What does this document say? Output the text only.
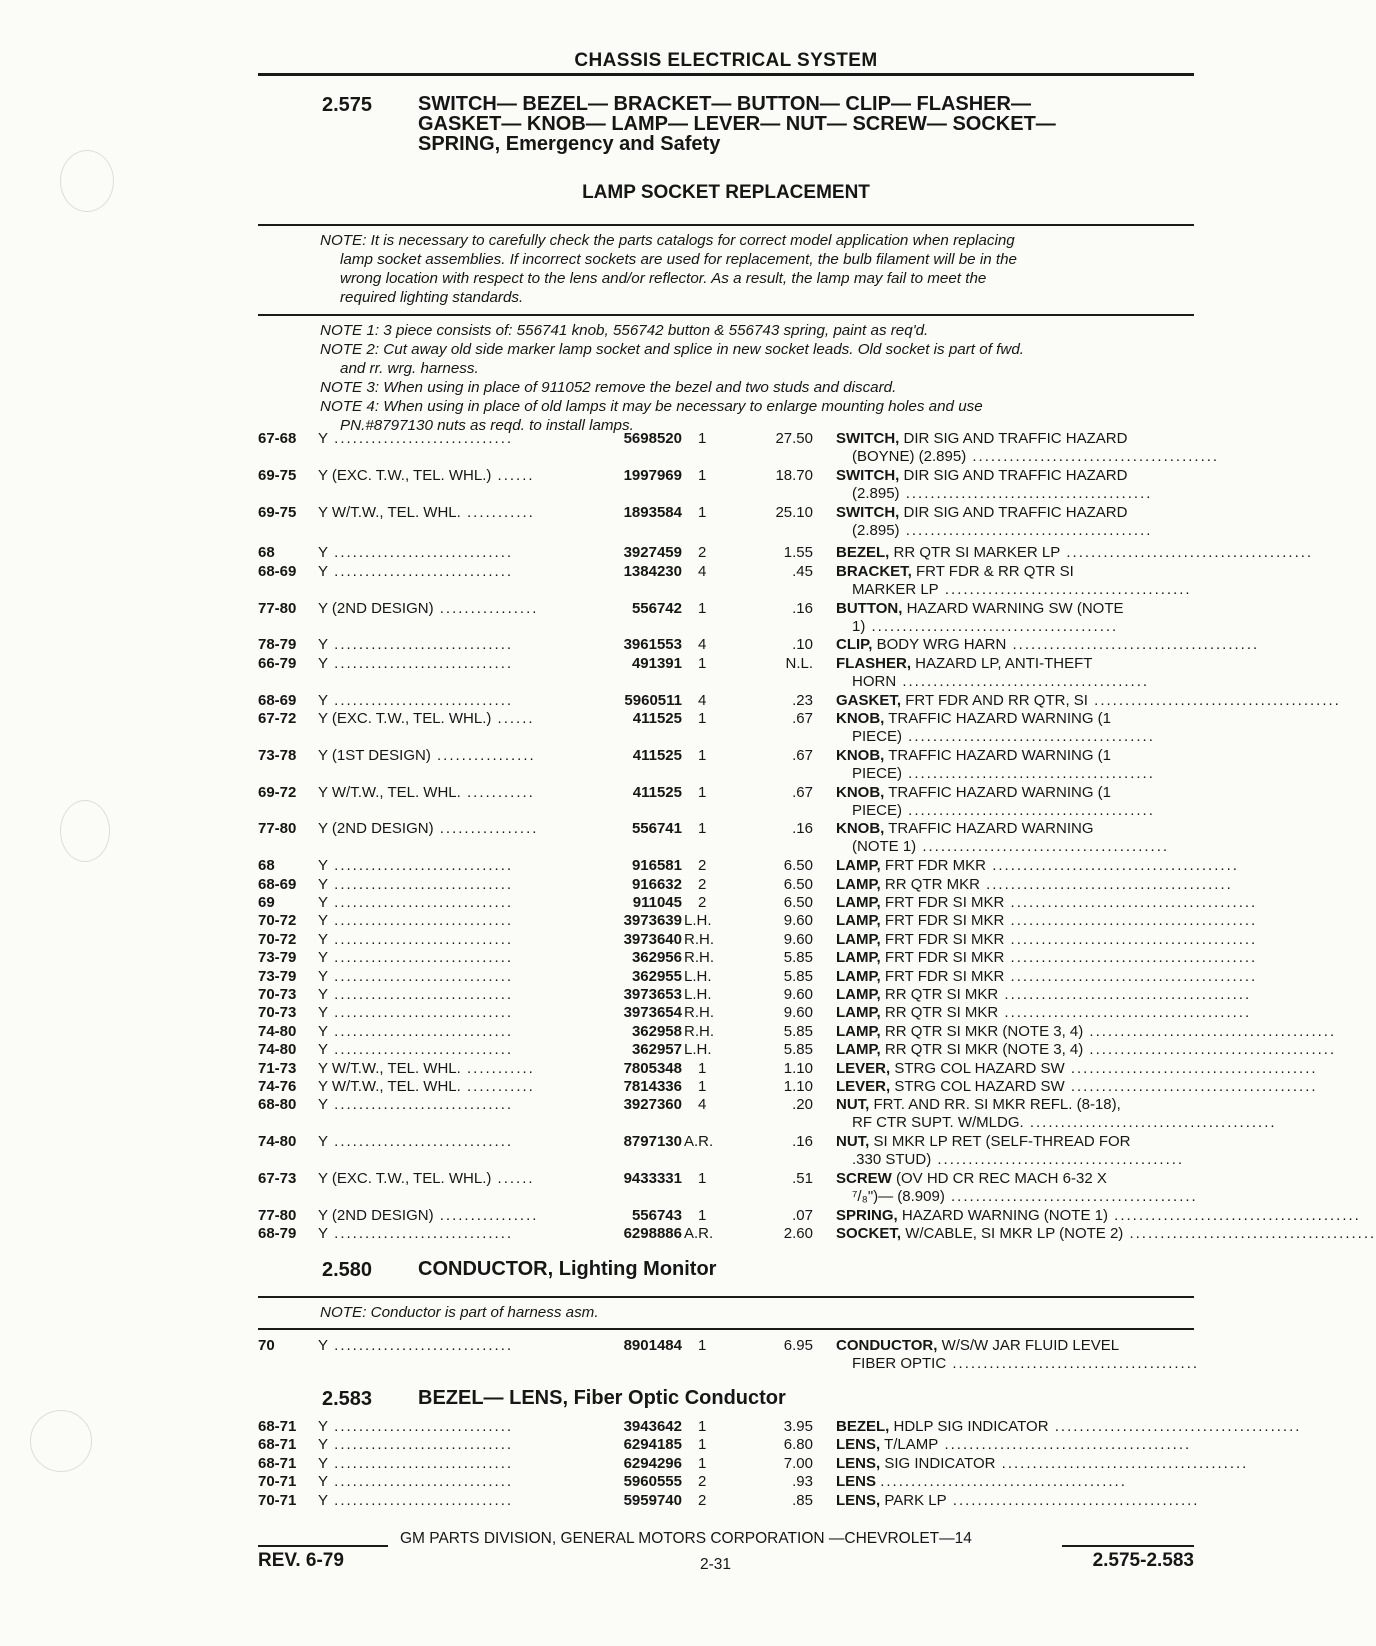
CHASSIS ELECTRICAL SYSTEM
2.575 SWITCH— BEZEL— BRACKET— BUTTON— CLIP— FLASHER—
GASKET— KNOB— LAMP— LEVER— NUT— SCREW— SOCKET—
SPRING, Emergency and Safety
LAMP SOCKET REPLACEMENT

NOTE: It is necessary to carefully check the parts catalogs for correct model application when replacing

lamp socket assemblies. If incorrect sockets are used for replacement, the bulb filament will be in the

wrong location with respect to the lens and/or reflector. As a result, the lamp may fail to meet the

required lighting standards.

NOTE 1: 3 piece consists of: 556741 knob, 556742 button & 556743 spring, paint as req'd.

NOTE 2: Cut away old side marker lamp socket and splice in new socket leads. Old socket is part of fwd.

and rr. wrg. harness.

NOTE 3: When using in place of 911052 remove the bezel and two studs and discard.

NOTE 4: When using in place of old lamps it may be necessary to enlarge mounting holes and use

PN.#8797130 nuts as reqd. to install lamps.

67-68 Y .............................	5698520	1	27.50 SWITCH, DIR SIG AND TRAFFIC HAZARD
(BOYNE) (2.895) ........................................
69-75 Y (EXC. T.W., TEL. WHL.) ......	1997969	1	18.70 SWITCH, DIR SIG AND TRAFFIC HAZARD
(2.895) ........................................
69-75 Y W/T.W., TEL. WHL. ...........	1893584	1	25.10 SWITCH, DIR SIG AND TRAFFIC HAZARD
(2.895) ........................................
68	Y .............................	3927459	2	1.55 BEZEL, RR QTR SI MARKER LP ........................................
68-69 Y .............................	1384230	4	.45 BRACKET, FRT FDR & RR QTR SI
MARKER LP ........................................
77-80 Y (2ND DESIGN) ................	556742	1	.16 BUTTON, HAZARD WARNING SW (NOTE
1) ........................................
78-79 Y .............................	3961553	4	.10 CLIP, BODY WRG HARN ........................................
66-79 Y .............................	491391	1	N.L. FLASHER, HAZARD LP, ANTI-THEFT
HORN ........................................
68-69 Y .............................	5960511	4	.23 GASKET, FRT FDR AND RR QTR, SI ........................................
67-72 Y (EXC. T.W., TEL. WHL.) ......	411525	1	.67 KNOB, TRAFFIC HAZARD WARNING (1
PIECE) ........................................
73-78 Y (1ST DESIGN) ................	411525	1	.67 KNOB, TRAFFIC HAZARD WARNING (1
PIECE) ........................................
69-72 Y W/T.W., TEL. WHL. ...........	411525	1	.67 KNOB, TRAFFIC HAZARD WARNING (1
PIECE) ........................................
77-80 Y (2ND DESIGN) ................	556741	1	.16 KNOB, TRAFFIC HAZARD WARNING
(NOTE 1) ........................................
68	Y .............................	916581	2	6.50 LAMP, FRT FDR MKR ........................................
68-69 Y .............................	916632	2	6.50 LAMP, RR QTR MKR ........................................
69	Y .............................	911045	2	6.50 LAMP, FRT FDR SI MKR ........................................
70-72 Y .............................	3973639 L.H.	9.60 LAMP, FRT FDR SI MKR ........................................
70-72 Y .............................	3973640 R.H.	9.60 LAMP, FRT FDR SI MKR ........................................
73-79 Y .............................	362956 R.H.	5.85 LAMP, FRT FDR SI MKR ........................................
73-79 Y .............................	362955 L.H.	5.85 LAMP, FRT FDR SI MKR ........................................
70-73 Y .............................	3973653 L.H.	9.60 LAMP, RR QTR SI MKR ........................................
70-73 Y .............................	3973654 R.H.	9.60 LAMP, RR QTR SI MKR ........................................
74-80 Y .............................	362958 R.H.	5.85 LAMP, RR QTR SI MKR (NOTE 3, 4) ........................................
74-80 Y .............................	362957 L.H.	5.85 LAMP, RR QTR SI MKR (NOTE 3, 4) ........................................
71-73 Y W/T.W., TEL. WHL. ...........	7805348	1	1.10 LEVER, STRG COL HAZARD SW ........................................
74-76 Y W/T.W., TEL. WHL. ...........	7814336	1	1.10 LEVER, STRG COL HAZARD SW ........................................
68-80 Y .............................	3927360	4	.20 NUT, FRT. AND RR. SI MKR REFL. (8-18),
RF CTR SUPT. W/MLDG. ........................................
74-80 Y .............................	8797130 A.R.	.16 NUT, SI MKR LP RET (SELF-THREAD FOR
.330 STUD) ........................................
67-73 Y (EXC. T.W., TEL. WHL.) ......	9433331	1	.51 SCREW (OV HD CR REC MACH 6-32 X
⁷/₈")— (8.909) ........................................
77-80 Y (2ND DESIGN) ................	556743	1	.07 SPRING, HAZARD WARNING (NOTE 1) ........................................
68-79 Y .............................	6298886 A.R.	2.60 SOCKET, W/CABLE, SI MKR LP (NOTE 2) ........................................
2.580 CONDUCTOR, Lighting Monitor

NOTE: Conductor is part of harness asm.

70	Y .............................	8901484	1	6.95 CONDUCTOR, W/S/W JAR FLUID LEVEL
FIBER OPTIC ........................................
2.583 BEZEL— LENS, Fiber Optic Conductor
68-71 Y .............................	3943642	1	3.95 BEZEL, HDLP SIG INDICATOR ........................................
68-71 Y .............................	6294185	1	6.80 LENS, T/LAMP ........................................
68-71 Y .............................	6294296	1	7.00 LENS, SIG INDICATOR ........................................
70-71 Y .............................	5960555	2	.93 LENS ........................................
70-71 Y .............................	5959740	2	.85 LENS, PARK LP ........................................
GM PARTS DIVISION, GENERAL MOTORS CORPORATION —CHEVROLET—14
REV. 6-79	2-31	2.575-2.583
